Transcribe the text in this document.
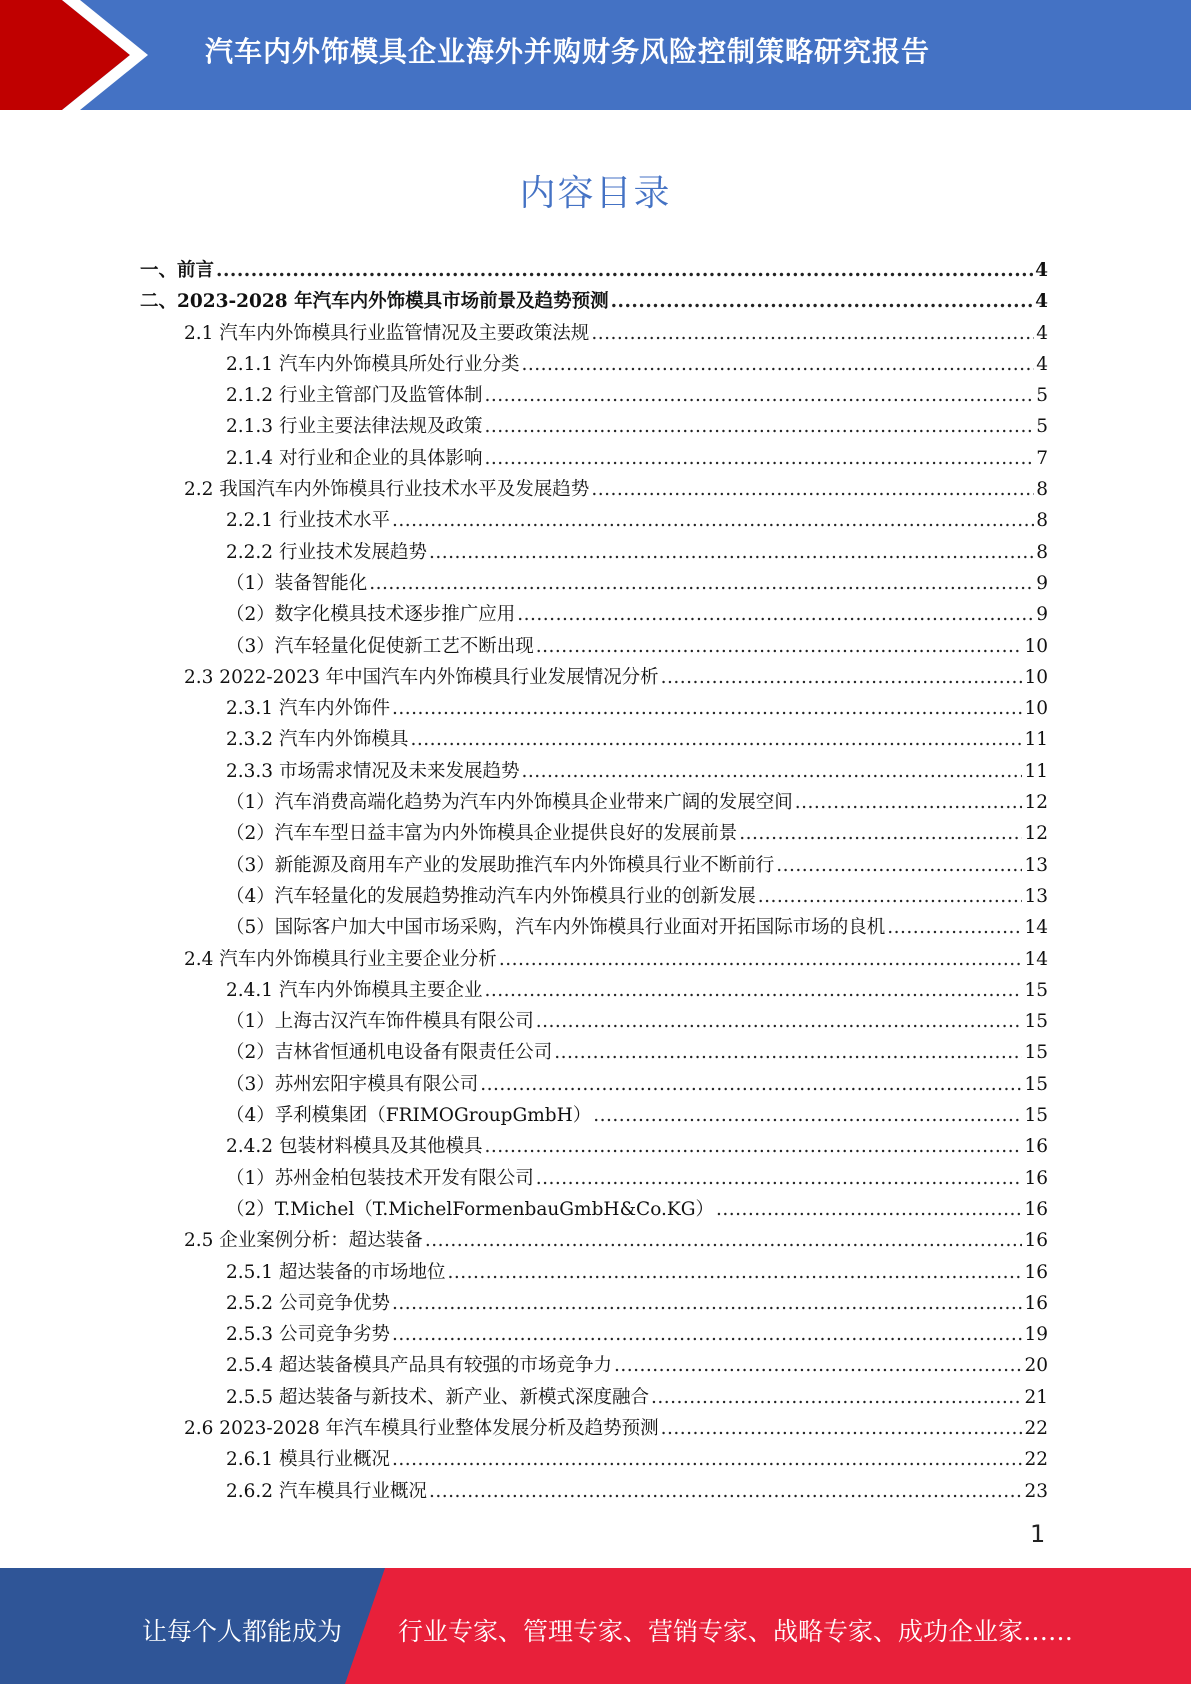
汽车内外饰模具企业海外并购财务风险控制策略研究报告
内容目录
一、前言 .....	4
二、2023-2028 年汽车内外饰模具市场前景及趋势预测 .....	4
2.1 汽车内外饰模具行业监管情况及主要政策法规 .....	4
2.1.1 汽车内外饰模具所处行业分类 .....	4
2.1.2 行业主管部门及监管体制 .....	5
2.1.3 行业主要法律法规及政策 .....	5
2.1.4 对行业和企业的具体影响 .....	7
2.2 我国汽车内外饰模具行业技术水平及发展趋势 .....	8
2.2.1 行业技术水平 .....	8
2.2.2 行业技术发展趋势 .....	8
（1）装备智能化 .....	9
（2）数字化模具技术逐步推广应用 .....	9
（3）汽车轻量化促使新工艺不断出现 .....	10
2.3 2022-2023 年中国汽车内外饰模具行业发展情况分析 .....	10
2.3.1 汽车内外饰件 .....	10
2.3.2 汽车内外饰模具 .....	11
2.3.3 市场需求情况及未来发展趋势 .....	11
（1）汽车消费高端化趋势为汽车内外饰模具企业带来广阔的发展空间 .....	12
（2）汽车车型日益丰富为内外饰模具企业提供良好的发展前景 .....	12
（3）新能源及商用车产业的发展助推汽车内外饰模具行业不断前行 .....	13
（4）汽车轻量化的发展趋势推动汽车内外饰模具行业的创新发展 .....	13
（5）国际客户加大中国市场采购，汽车内外饰模具行业面对开拓国际市场的良机 .....	14
2.4 汽车内外饰模具行业主要企业分析 .....	14
2.4.1 汽车内外饰模具主要企业 .....	15
（1）上海古汉汽车饰件模具有限公司 .....	15
（2）吉林省恒通机电设备有限责任公司 .....	15
（3）苏州宏阳宇模具有限公司 .....	15
（4）孚利模集团（FRIMOGroupGmbH） .....	15
2.4.2 包装材料模具及其他模具 .....	16
（1）苏州金柏包装技术开发有限公司 .....	16
（2）T.Michel（T.MichelFormenbauGmbH&Co.KG） .....	16
2.5 企业案例分析：超达装备 .....	16
2.5.1 超达装备的市场地位 .....	16
2.5.2 公司竞争优势 .....	16
2.5.3 公司竞争劣势 .....	19
2.5.4 超达装备模具产品具有较强的市场竞争力 .....	20
2.5.5 超达装备与新技术、新产业、新模式深度融合 .....	21
2.6 2023-2028 年汽车模具行业整体发展分析及趋势预测 .....	22
2.6.1 模具行业概况 .....	22
2.6.2 汽车模具行业概况 .....	23
1
让每个人都能成为 行业专家、管理专家、营销专家、战略专家、成功企业家……
